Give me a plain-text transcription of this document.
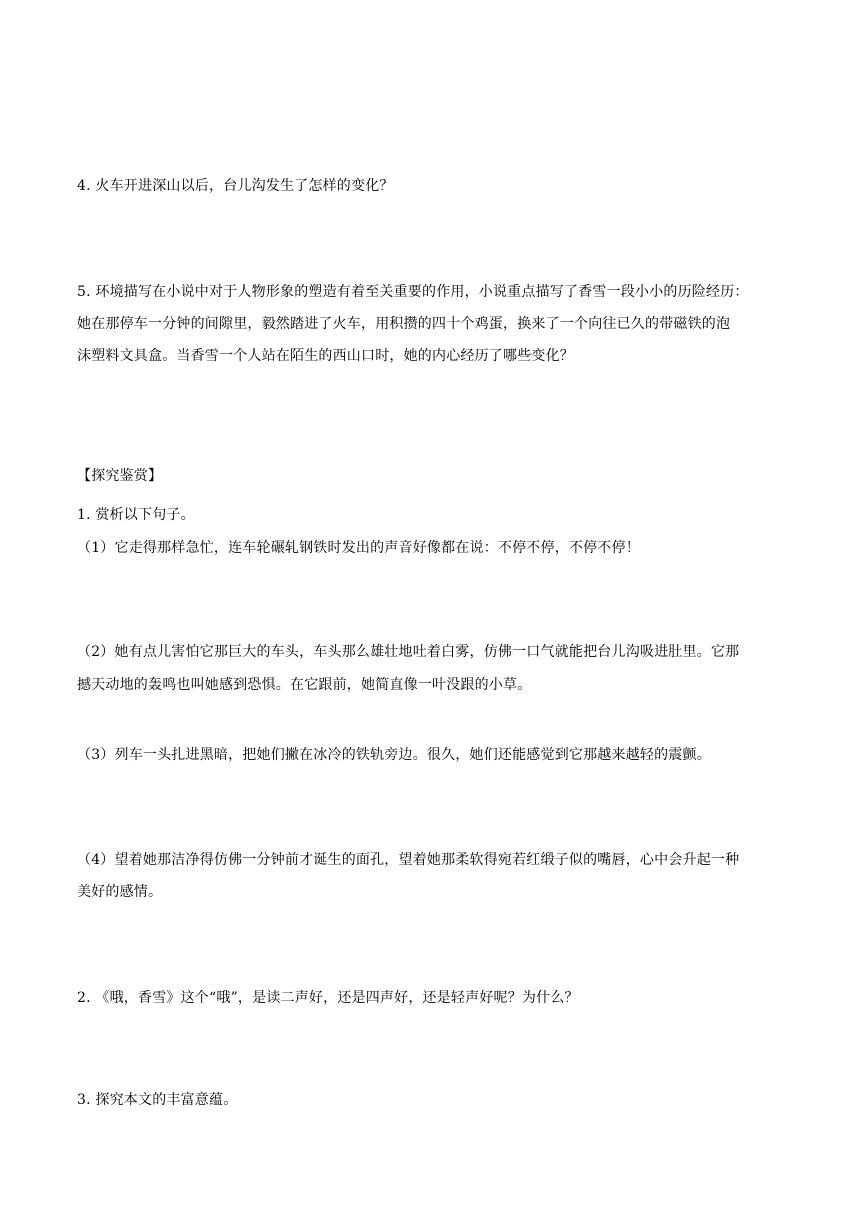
4. 火车开进深山以后，台儿沟发生了怎样的变化？
5. 环境描写在小说中对于人物形象的塑造有着至关重要的作用，小说重点描写了香雪一段小小的历险经历：
她在那停车一分钟的间隙里，毅然踏进了火车，用积攒的四十个鸡蛋，换来了一个向往已久的带磁铁的泡
沫塑料文具盒。当香雪一个人站在陌生的西山口时，她的内心经历了哪些变化？
【探究鉴赏】
1. 赏析以下句子。
（1）它走得那样急忙，连车轮碾轧钢铁时发出的声音好像都在说：不停不停，不停不停！
（2）她有点儿害怕它那巨大的车头，车头那么雄壮地吐着白雾，仿佛一口气就能把台儿沟吸进肚里。它那
撼天动地的轰鸣也叫她感到恐惧。在它跟前，她简直像一叶没跟的小草。
（3）列车一头扎进黑暗，把她们撇在冰冷的铁轨旁边。很久，她们还能感觉到它那越来越轻的震颤。
（4）望着她那洁净得仿佛一分钟前才诞生的面孔，望着她那柔软得宛若红缎子似的嘴唇，心中会升起一种
美好的感情。
2. 《哦，香雪》这个“哦”，是读二声好，还是四声好，还是轻声好呢？为什么？
3. 探究本文的丰富意蕴。
